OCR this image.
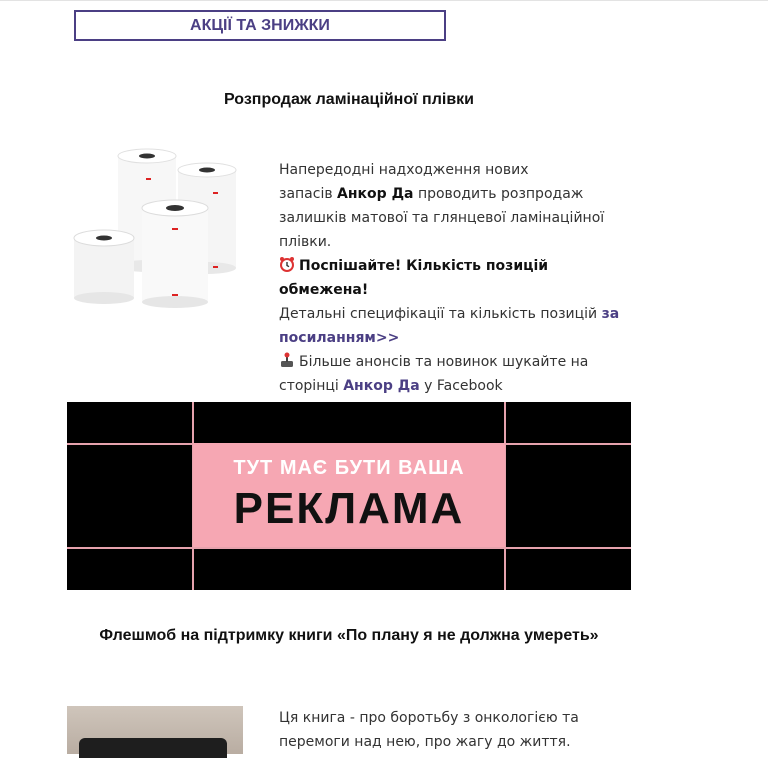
АКЦІЇ ТА ЗНИЖКИ
Розпродаж ламінаційної плівки

Напередодні надходження нових

запасів Анкор Да проводить розпродаж

залишків матової та глянцевої ламінаційної

плівки.

Поспішайте! Кількість позицій обмежена!

Детальні специфікації та кількість позицій за посиланням>>

Більше анонсів та новинок шукайте на

сторінці Анкор Да у Facebook

ТУТ МАЄ БУТИ ВАША
РЕКЛАМА
Флешмоб на підтримку книги «По плану я не должна умереть»

Ця книга - про боротьбу з онкологією та

перемоги над нею, про жагу до життя.
